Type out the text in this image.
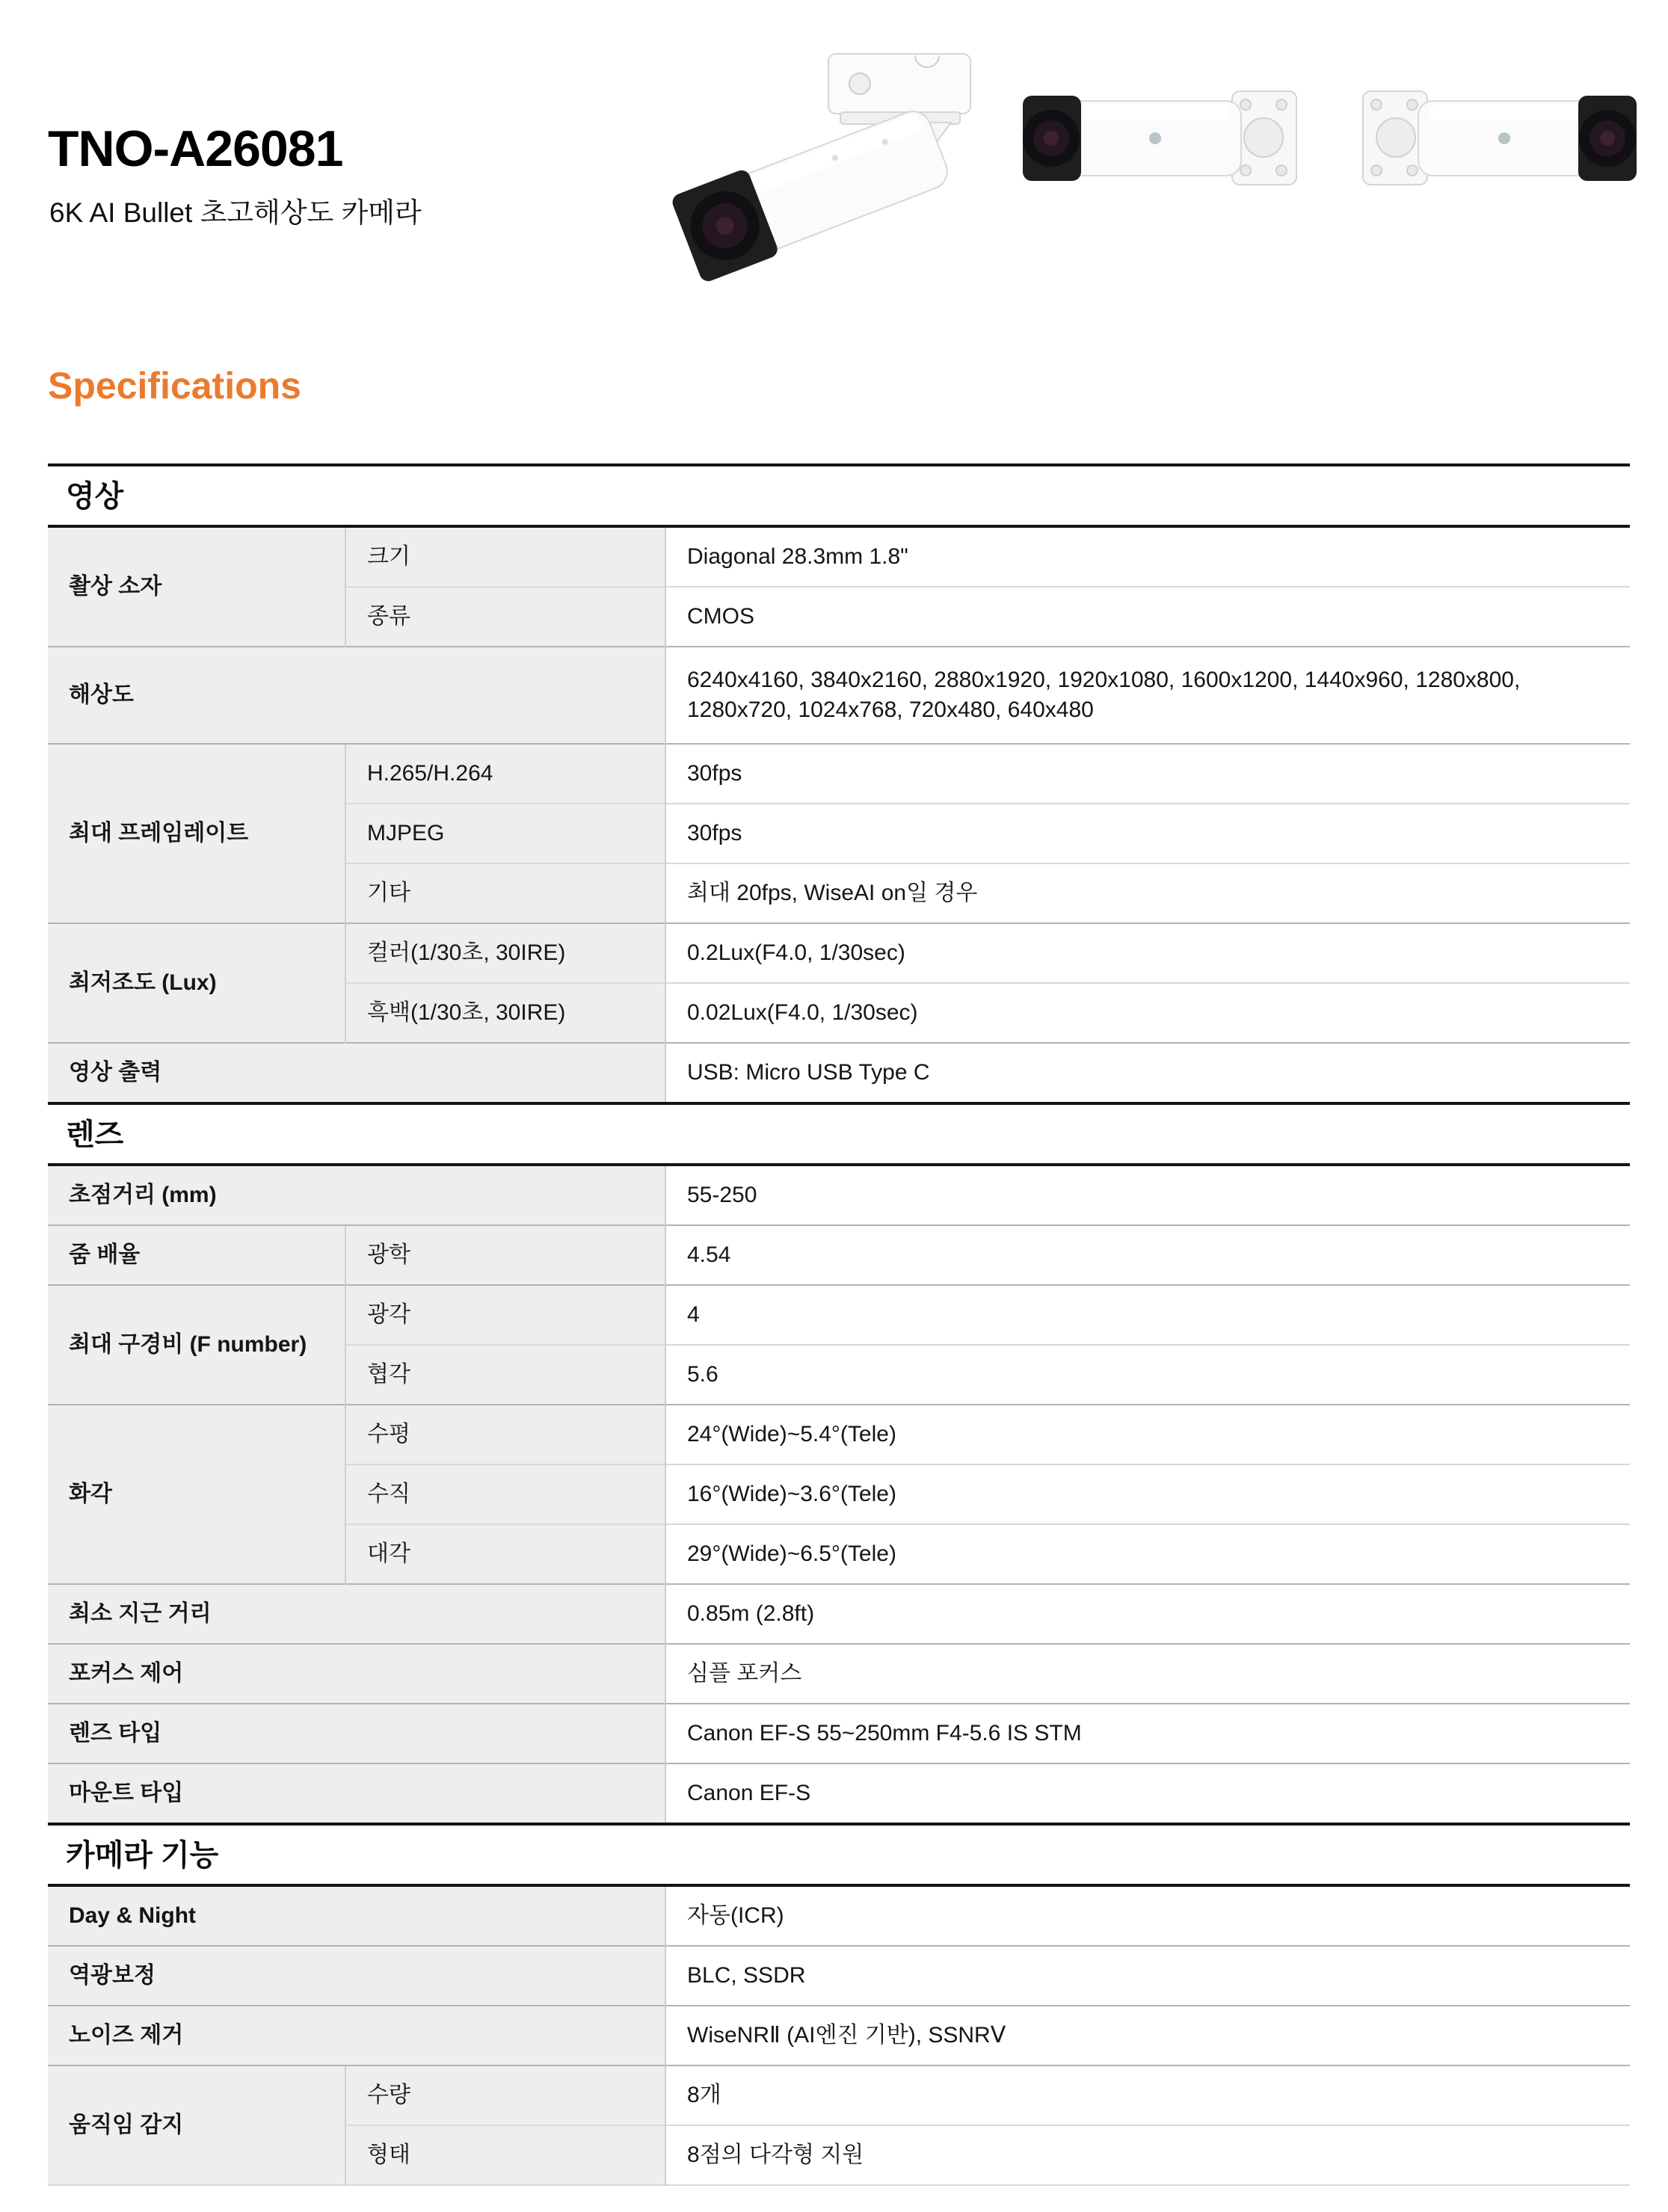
TNO-A26081

6K AI Bullet 초고해상도 카메라

Specifications
영상
촬상 소자	크기	Diagonal 28.3mm 1.8"
	종류	CMOS
해상도		6240x4160, 3840x2160, 2880x1920, 1920x1080, 1600x1200, 1440x960, 1280x800, 1280x720, 1024x768, 720x480, 640x480
최대 프레임레이트	H.265/H.264	30fps
	MJPEG	30fps
	기타	최대 20fps, WiseAI on일 경우
최저조도 (Lux)	컬러(1/30초, 30IRE)	0.2Lux(F4.0, 1/30sec)
	흑백(1/30초, 30IRE)	0.02Lux(F4.0, 1/30sec)
영상 출력		USB: Micro USB Type C
렌즈
초점거리 (mm)		55-250
줌 배율	광학	4.54
최대 구경비 (F number)	광각	4
	협각	5.6
화각	수평	24°(Wide)~5.4°(Tele)
	수직	16°(Wide)~3.6°(Tele)
	대각	29°(Wide)~6.5°(Tele)
최소 지근 거리		0.85m (2.8ft)
포커스 제어		심플 포커스
렌즈 타입		Canon EF-S 55~250mm F4-5.6 IS STM
마운트 타입		Canon EF-S
카메라 기능
Day & Night		자동(ICR)
역광보정		BLC, SSDR
노이즈 제거		WiseNRⅡ (AI엔진 기반), SSNRⅤ
움직임 감지	수량	8개
	형태	8점의 다각형 지원
